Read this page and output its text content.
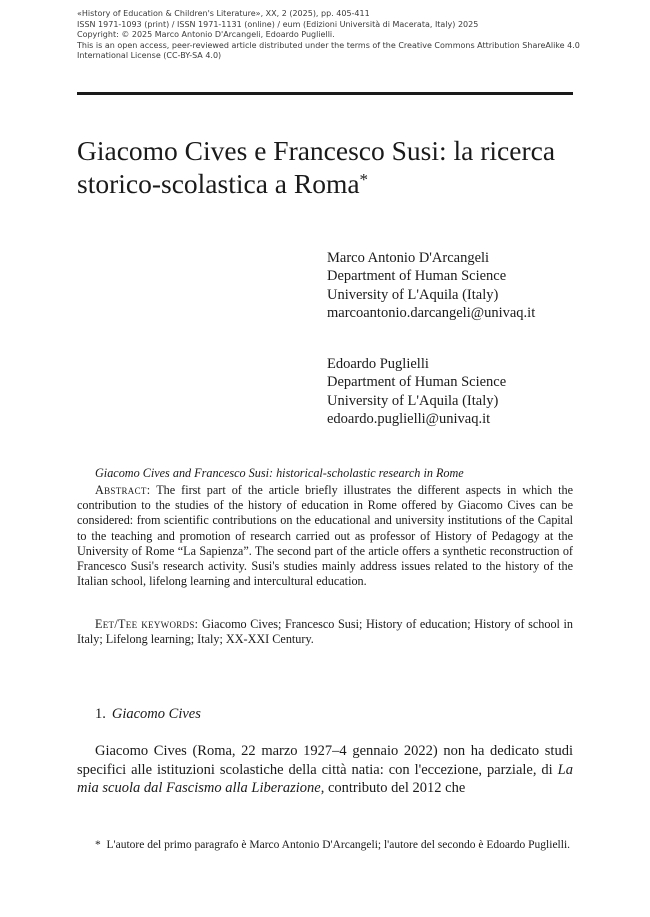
«History of Education & Children's Literature», XX, 2 (2025), pp. 405-411
ISSN 1971-1093 (print) / ISSN 1971-1131 (online) / eum (Edizioni Università di Macerata, Italy) 2025
Copyright: © 2025 Marco Antonio D'Arcangeli, Edoardo Puglielli.
This is an open access, peer-reviewed article distributed under the terms of the Creative Commons Attribution ShareAlike 4.0
International License (CC-BY-SA 4.0)
Giacomo Cives e Francesco Susi: la ricerca storico-scolastica a Roma*
Marco Antonio D'Arcangeli
Department of Human Science
University of L'Aquila (Italy)
marcoantonio.darcangeli@univaq.it
Edoardo Puglielli
Department of Human Science
University of L'Aquila (Italy)
edoardo.puglielli@univaq.it
Giacomo Cives and Francesco Susi: historical-scholastic research in Rome
Abstract: The first part of the article briefly illustrates the different aspects in which the contribution to the studies of the history of education in Rome offered by Giacomo Cives can be considered: from scientific contributions on the educational and university institutions of the Capital to the teaching and promotion of research carried out as professor of History of Pedagogy at the University of Rome “La Sapienza”. The second part of the article offers a synthetic reconstruction of Francesco Susi's research activity. Susi's studies mainly address issues related to the history of the Italian school, lifelong learning and intercultural education.
Eet/Tee keywords: Giacomo Cives; Francesco Susi; History of education; History of school in Italy; Lifelong learning; Italy; XX-XXI Century.
1. Giacomo Cives
Giacomo Cives (Roma, 22 marzo 1927–4 gennaio 2022) non ha dedicato studi specifici alle istituzioni scolastiche della città natia: con l'eccezione, parziale, di La mia scuola dal Fascismo alla Liberazione, contributo del 2012 che
* L'autore del primo paragrafo è Marco Antonio D'Arcangeli; l'autore del secondo è Edoardo Puglielli.
